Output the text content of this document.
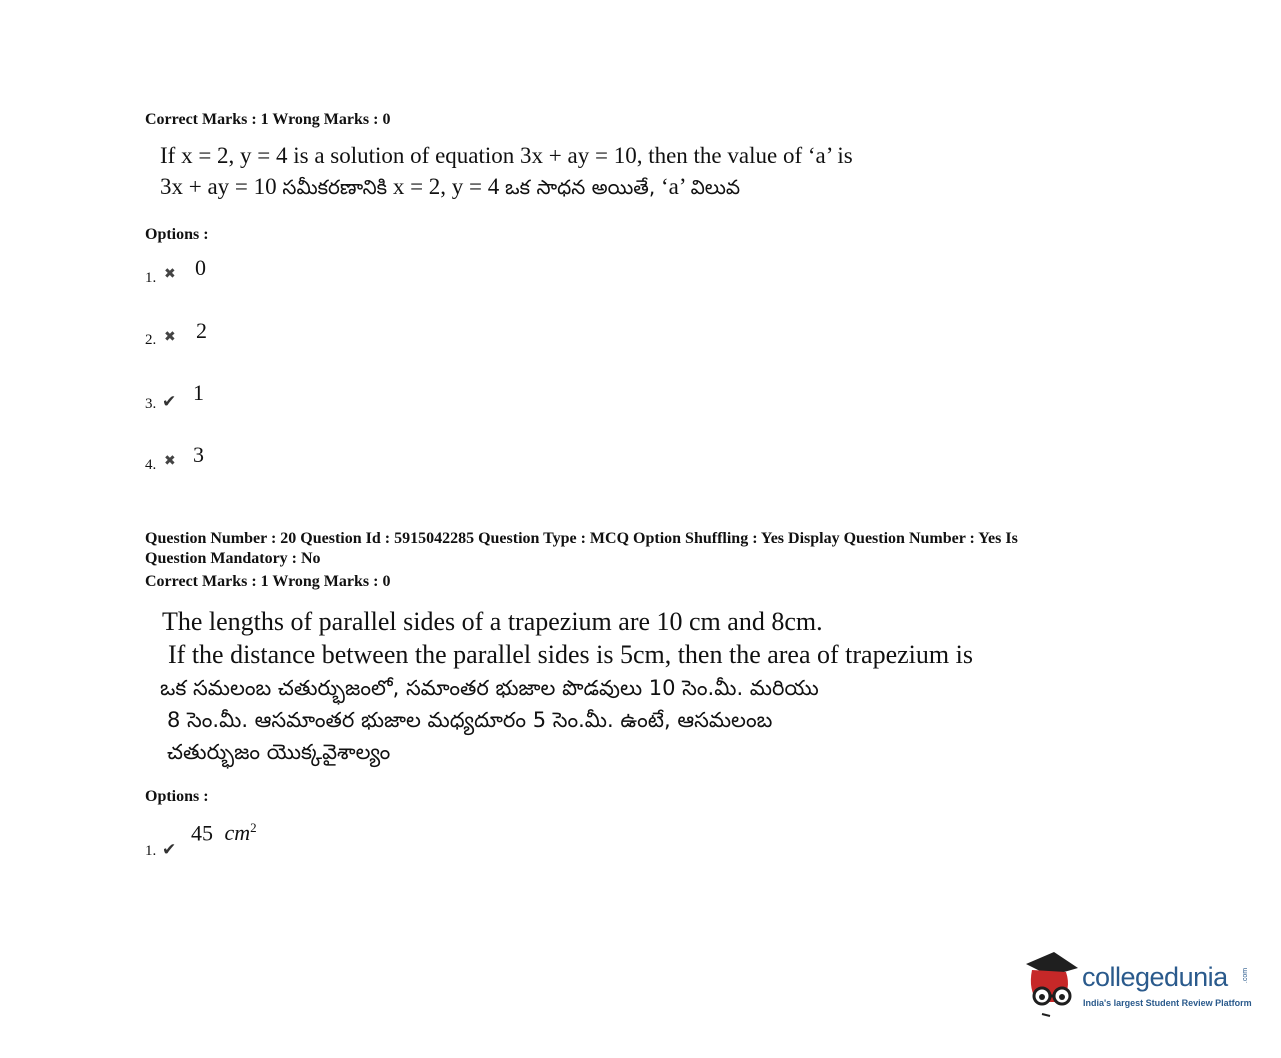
Correct Marks : 1 Wrong Marks : 0
If x = 2, y = 4 is a solution of equation 3x + ay = 10, then the value of ‘a’ is
3x + ay = 10 సమీకరణానికి x = 2, y = 4 ఒక సాధన అయితే, ‘a’ విలువ
Options :
1. ✖ 0
2. ✖ 2
3. ✔ 1
4. ✖ 3
Question Number : 20 Question Id : 5915042285 Question Type : MCQ Option Shuffling : Yes Display Question Number : Yes Is
Question Mandatory : No
Correct Marks : 1 Wrong Marks : 0
The lengths of parallel sides of a trapezium are 10 cm and 8cm.
If the distance between the parallel sides is 5cm, then the area of trapezium is
ఒక సమలంబ చతుర్భుజంలో, సమాంతర భుజాల పొడవులు 10 సెం.మీ. మరియు
8 సెం.మీ. ఆసమాంతర భుజాల మధ్యదూరం 5 సెం.మీ. ఉంటే, ఆసమలంబ
చతుర్భుజం యొక్కవైశాల్యం
Options :
1. ✔
45 $cm^2$
collegedunia .com
India's largest Student Review Platform
